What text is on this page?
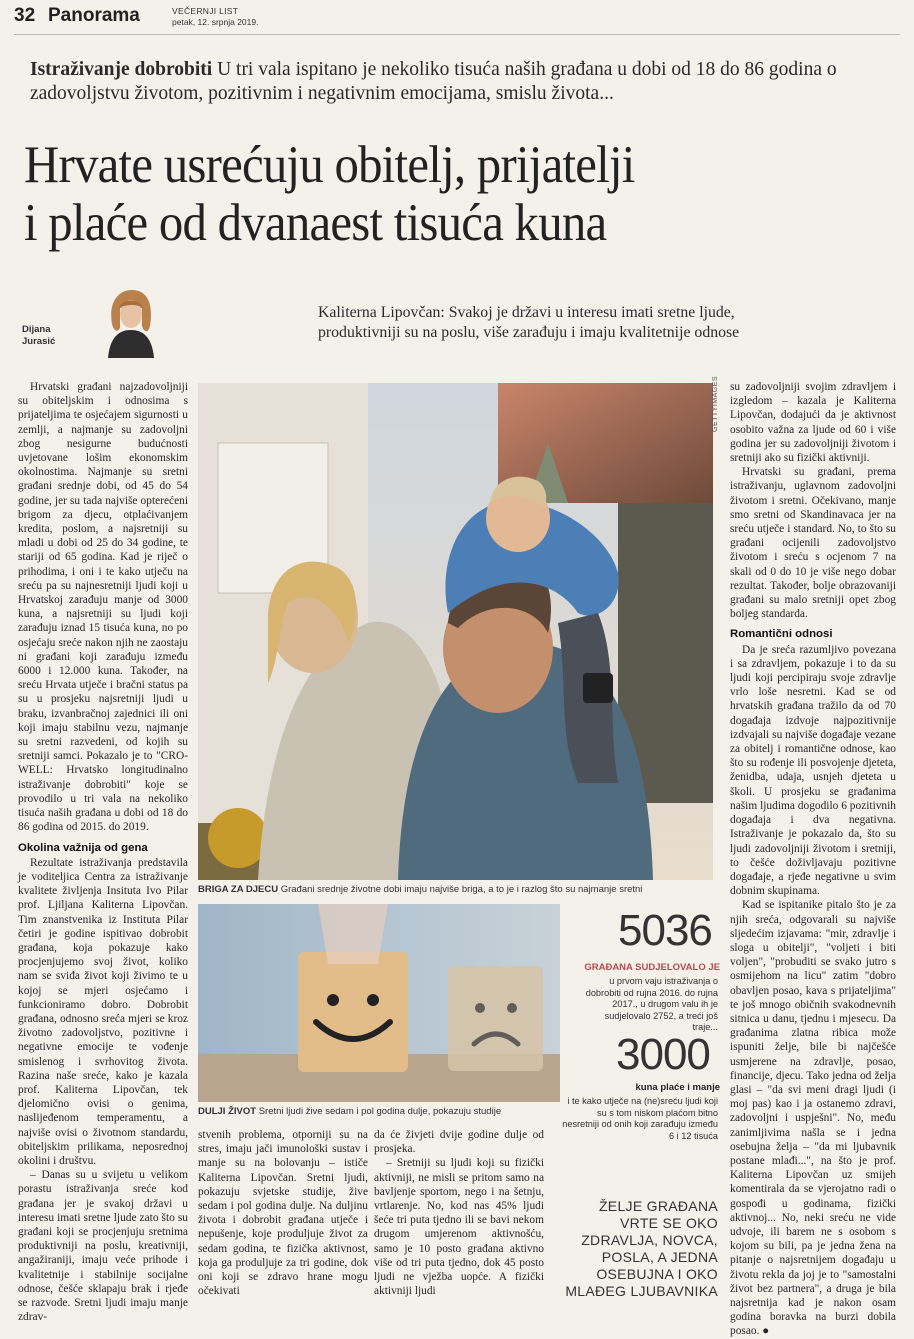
32 Panorama	VEČERNJI LIST
petak, 12. srpnja 2019.
Istraživanje dobrobiti U tri vala ispitano je nekoliko tisuća naših građana u dobi od 18 do 86 godina o zadovoljstvu životom, pozitivnim i negativnim emocijama, smislu života...
Hrvate usrećuju obitelj, prijatelji
i plaće od dvanaest tisuća kuna
Dijana
Jurasić
Kaliterna Lipovčan: Svakoj je državi u interesu imati sretne ljude,
produktivniji su na poslu, više zarađuju i imaju kvalitetnije odnose

Hrvatski građani najzadovoljniji su obiteljskim i odnosima s prijateljima te osjećajem sigurnosti u zemlji, a najmanje su zadovoljni zbog nesigurne budućnosti uvjetovane lošim ekonomskim okolnostima. Najmanje su sretni građani srednje dobi, od 45 do 54 godine, jer su tada najviše opterećeni brigom za djecu, otplaćivanjem kredita, poslom, a najsretniji su mladi u dobi od 25 do 34 godine, te stariji od 65 godina. Kad je riječ o prihodima, i oni i te kako utječu na sreću pa su najnesretniji ljudi koji u Hrvatskoj zarađuju manje od 3000 kuna, a najsretniji su ljudi koji zarađuju iznad 15 tisuća kuna, no po osjećaju sreće nakon njih ne zaostaju ni građani koji zarađuju između 6000 i 12.000 kuna. Također, na sreću Hrvata utječe i bračni status pa su u prosjeku najsretniji ljudi u braku, izvanbračnoj zajednici ili oni koji imaju stabilnu vezu, najmanje su sretni razvedeni, od kojih su sretniji samci. Pokazalo je to "CRO-WELL: Hrvatsko longitudinalno istraživanje dobrobiti" koje se provodilo u tri vala na nekoliko tisuća naših građana u dobi od 18 do 86 godina od 2015. do 2019.

Okolina važnija od gena

Rezultate istraživanja predstavila je voditeljica Centra za istraživanje kvalitete življenja Insituta Ivo Pilar prof. Ljiljana Kaliterna Lipovčan. Tim znanstvenika iz Instituta Pilar četiri je godine ispitivao dobrobit građana, koja pokazuje kako procjenjujemo svoj život, koliko nam se sviđa život koji živimo te u kojoj se mjeri osjećamo i funkcioniramo dobro. Dobrobit građana, odnosno sreća mjeri se kroz životno zadovoljstvo, pozitivne i negativne emocije te vođenje smislenog i svrhovitog života. Razina naše sreće, kako je kazala prof. Kaliterna Lipovčan, tek djelomično ovisi o genima, naslijeđenom temperamentu, a najviše ovisi o životnom standardu, obiteljskim prilikama, neposrednoj okolini i društvu.

– Danas su u svijetu u velikom porastu istraživanja sreće kod građana jer je svakoj državi u interesu imati sretne ljude zato što su građani koji se procjenjuju sretnima produktivniji na poslu, kreativniji, angažiraniji, imaju veće prihode i kvalitetnije i stabilnije socijalne odnose, češće sklapaju brak i rjeđe se razvode. Sretni ljudi imaju manje zdrav-

GETTYIMAGES
BRIGA ZA DJECU Građani srednje životne dobi imaju najviše briga, a to je i razlog što su najmanje sretni
DULJI ŽIVOT Sretni ljudi žive sedam i pol godina dulje, pokazuju studije
5036
GRAĐANA SUDJELOVALO JE
u prvom vaju istraživanja o dobrobiti od rujna 2016. do rujna 2017., u drugom valu ih je sudjelovalo 2752, a treći još traje...
3000
kuna plaće i manje
i te kako utječe na (ne)sreću ljudi koji su s tom niskom plaćom bitno nesretniji od onih koji zarađuju između 6 i 12 tisuća

stvenih problema, otporniji su na stres, imaju jači imunološki sustav i manje su na bolovanju – ističe Kaliterna Lipovčan. Sretni ljudi, pokazuju svjetske studije, žive sedam i pol godina dulje. Na duljinu života i dobrobit građana utječe i nepušenje, koje produljuje život za sedam godina, te fizička aktivnost, koja ga produljuje za tri godine, dok oni koji se zdravo hrane mogu očekivati

da će živjeti dvije godine dulje od prosjeka.

– Sretniji su ljudi koji su fizički aktivniji, ne misli se pritom samo na bavljenje sportom, nego i na šetnju, vrtlarenje. No, kod nas 45% ljudi šeće tri puta tjedno ili se bavi nekom drugom umjerenom aktivnošću, samo je 10 posto građana aktivno više od tri puta tjedno, dok 45 posto ljudi ne vježba uopće. A fizički aktivniji ljudi

ŽELJE GRAĐANA VRTE SE OKO ZDRAVLJA, NOVCA, POSLA, A JEDNA OSEBUJNA I OKO MLAĐEG LJUBAVNIKA

su zadovoljniji svojim zdravljem i izgledom – kazala je Kaliterna Lipovčan, dodajući da je aktivnost osobito važna za ljude od 60 i više godina jer su zadovoljniji životom i sretniji ako su fizički aktivniji.

Hrvatski su građani, prema istraživanju, uglavnom zadovoljni životom i sretni. Očekivano, manje smo sretni od Skandinavaca jer na sreću utječe i standard. No, to što su građani ocijenili zadovoljstvo životom i sreću s ocjenom 7 na skali od 0 do 10 je više nego dobar rezultat. Također, bolje obrazovaniji građani su malo sretniji opet zbog boljeg standarda.

Romantični odnosi

Da je sreća razumljivo povezana i sa zdravljem, pokazuje i to da su ljudi koji percipiraju svoje zdravlje vrlo loše nesretni. Kad se od hrvatskih građana tražilo da od 70 događaja izdvoje najpozitivnije izdvajali su najviše događaje vezane za obitelj i romantične odnose, kao što su rođenje ili posvojenje djeteta, ženidba, udaja, usnjeh djeteta u školi. U prosjeku se građanima našim ljudima dogodilo 6 pozitivnih događaja i dva negativna. Istraživanje je pokazalo da, što su ljudi zadovoljniji životom i sretniji, to češće doživljavaju pozitivne događaje, a rjeđe negativne u svim dobnim skupinama.

Kad se ispitanike pitalo što je za njih sreća, odgovarali su najviše sljedećim izjavama: "mir, zdravlje i sloga u obitelji", "voljeti i biti voljen", "probuditi se svako jutro s osmijehom na licu" zatim "dobro obavljen posao, kava s prijateljima" te još mnogo običnih svakodnevnih sitnica u danu, tjednu i mjesecu. Da građanima zlatna ribica može ispuniti želje, bile bi najčešće usmjerene na zdravlje, posao, financije, djecu. Tako jedna od želja glasi – "da svi meni dragi ljudi (i moj pas) kao i ja ostanemo zdravi, zadovoljni i uspješni". No, među zanimljivima našla se i jedna osebujna želja – "da mi ljubavnik postane mlađi...", na što je prof. Kaliterna Lipovčan uz smijeh komentirala da se vjerojatno radi o gospođi u godinama, fizički aktivnoj... No, neki sreću ne vide udvoje, ili barem ne s osobom s kojom su bili, pa je jedna žena na pitanje o najsretnijem događaju u životu rekla da joj je to "samostalni život bez partnera", a druga je bila najsretnija kad je nakon osam godina boravka na burzi dobila posao. ●
